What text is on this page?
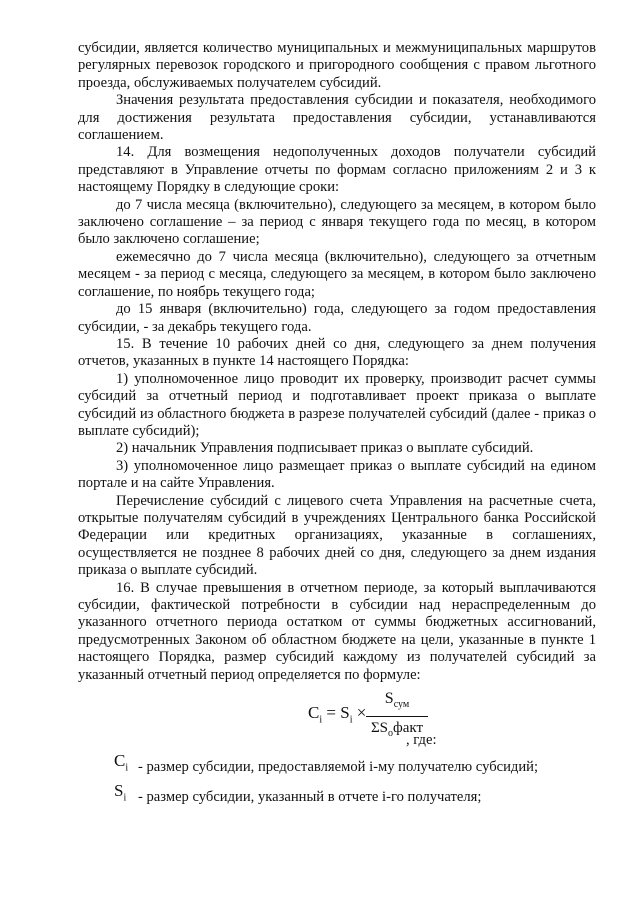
субсидии, является количество муниципальных и межмуниципальных маршрутов регулярных перевозок городского и пригородного сообщения с правом льготного проезда, обслуживаемых получателем субсидий.

Значения результата предоставления субсидии и показателя, необходимого для достижения результата предоставления субсидии, устанавливаются соглашением.

14. Для возмещения недополученных доходов получатели субсидий представляют в Управление отчеты по формам согласно приложениям 2 и 3 к настоящему Порядку в следующие сроки:

до 7 числа месяца (включительно), следующего за месяцем, в котором было заключено соглашение – за период с января текущего года по месяц, в котором было заключено соглашение;

ежемесячно до 7 числа месяца (включительно), следующего за отчетным месяцем - за период с месяца, следующего за месяцем, в котором было заключено соглашение, по ноябрь текущего года;

до 15 января (включительно) года, следующего за годом предоставления субсидии, - за декабрь текущего года.

15. В течение 10 рабочих дней со дня, следующего за днем получения отчетов, указанных в пункте 14 настоящего Порядка:

1) уполномоченное лицо проводит их проверку, производит расчет суммы субсидий за отчетный период и подготавливает проект приказа о выплате субсидий из областного бюджета в разрезе получателей субсидий (далее - приказ о выплате субсидий);

2) начальник Управления подписывает приказ о выплате субсидий.

3) уполномоченное лицо размещает приказ о выплате субсидий на едином портале и на сайте Управления.

Перечисление субсидий с лицевого счета Управления на расчетные счета, открытые получателям субсидий в учреждениях Центрального банка Российской Федерации или кредитных организациях, указанные в соглашениях, осуществляется не позднее 8 рабочих дней со дня, следующего за днем издания приказа о выплате субсидий.

16. В случае превышения в отчетном периоде, за который выплачиваются субсидии, фактической потребности в субсидии над нераспределенным до указанного отчетного периода остатком от суммы бюджетных ассигнований, предусмотренных Законом об областном бюджете на цели, указанные в пункте 1 настоящего Порядка, размер субсидий каждому из получателей субсидий за указанный отчетный период определяется по формуле:

$C_i = S_i$ ×
$S_{сум}$
$\Sigma S_офакт$
, где:
$C_i$ - размер субсидии, предоставляемой i-му получателю субсидий;
$S_i$ - размер субсидии, указанный в отчете i-го получателя;
